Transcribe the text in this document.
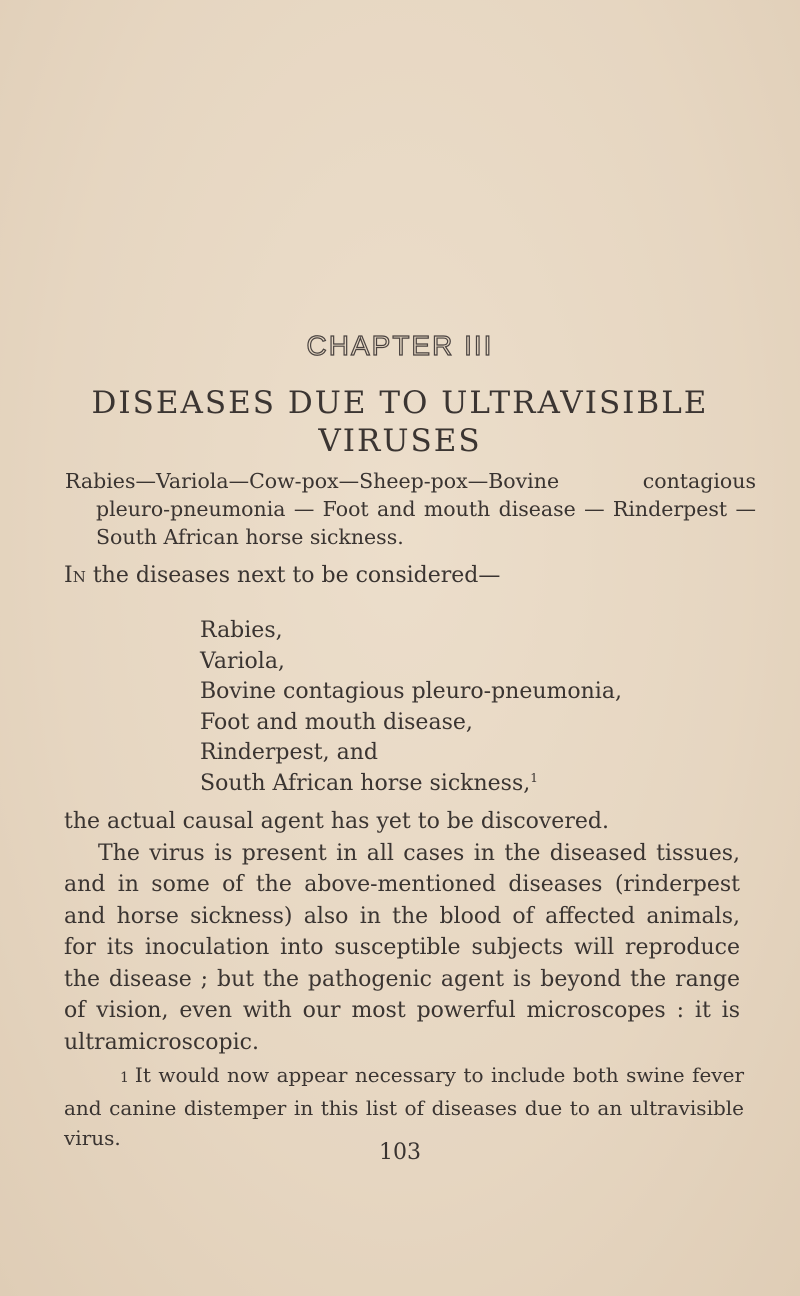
CHAPTER III
DISEASES DUE TO ULTRAVISIBLE
VIRUSES
Rabies—Variola—Cow-pox—Sheep-pox—Bovine contagious pleuro-pneumonia — Foot and mouth disease — Rinderpest — South African horse sickness.
In the diseases next to be considered—
Rabies,
Variola,
Bovine contagious pleuro-pneumonia,
Foot and mouth disease,
Rinderpest, and
South African horse sickness,$^1$

the actual causal agent has yet to be discovered.

The virus is present in all cases in the diseased tissues, and in some of the above-mentioned diseases (rinderpest and horse sickness) also in the blood of affected animals, for its inoculation into susceptible subjects will reproduce the disease ; but the pathogenic agent is beyond the range of vision, even with our most powerful microscopes : it is ultramicroscopic.

1 It would now appear necessary to include both swine fever and canine distemper in this list of diseases due to an ultravisible virus.
103
